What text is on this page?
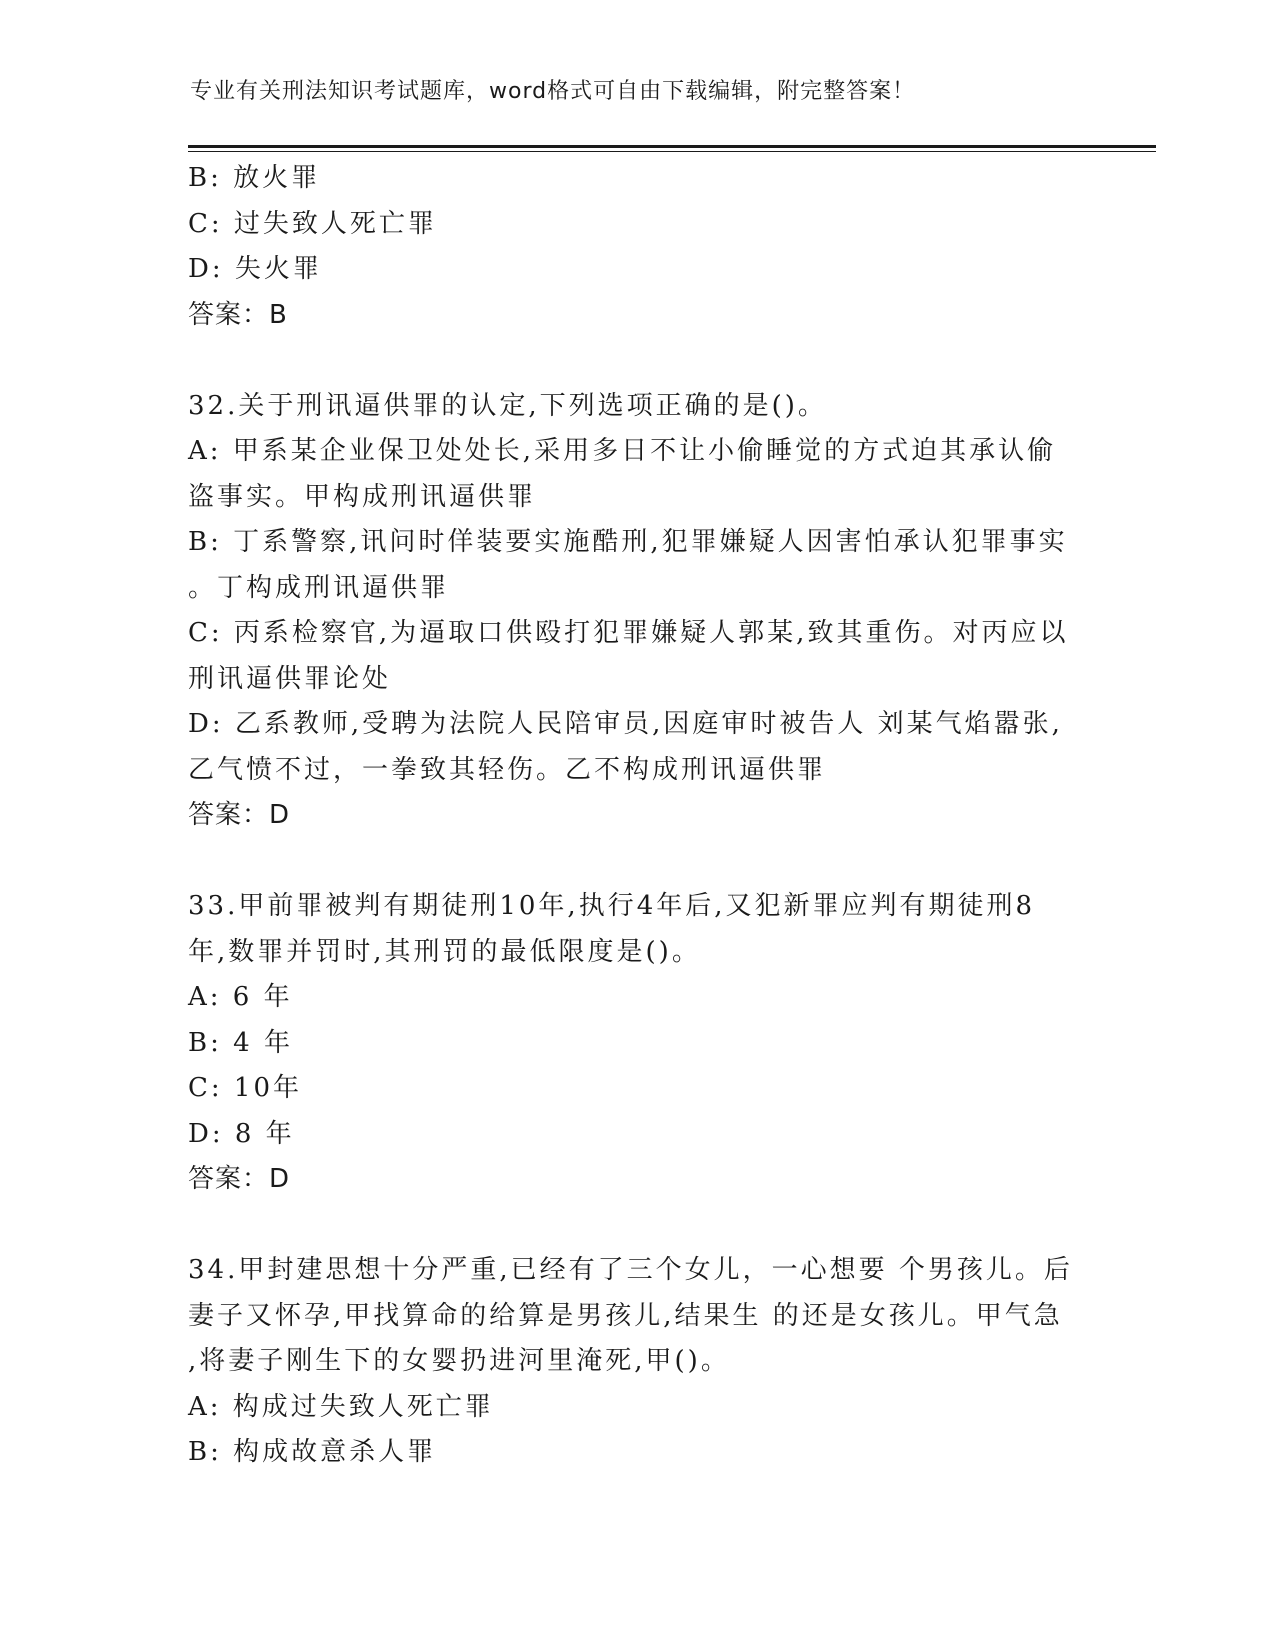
专业有关刑法知识考试题库，word格式可自由下载编辑，附完整答案！
B: 放火罪
C: 过失致人死亡罪
D: 失火罪
答案：B
32.关于刑讯逼供罪的认定,下列选项正确的是()。
A: 甲系某企业保卫处处长,采用多日不让小偷睡觉的方式迫其承认偷
盗事实。甲构成刑讯逼供罪
B: 丁系警察,讯问时佯装要实施酷刑,犯罪嫌疑人因害怕承认犯罪事实
。丁构成刑讯逼供罪
C: 丙系检察官,为逼取口供殴打犯罪嫌疑人郭某,致其重伤。对丙应以
刑讯逼供罪论处
D: 乙系教师,受聘为法院人民陪审员,因庭审时被告人 刘某气焰嚣张,
乙气愤不过，一拳致其轻伤。乙不构成刑讯逼供罪
答案：D
33.甲前罪被判有期徒刑10年,执行4年后,又犯新罪应判有期徒刑8
年,数罪并罚时,其刑罚的最低限度是()。
A: 6 年
B: 4 年
C: 10年
D: 8 年
答案：D
34.甲封建思想十分严重,已经有了三个女儿，一心想要 个男孩儿。后
妻子又怀孕,甲找算命的给算是男孩儿,结果生 的还是女孩儿。甲气急
,将妻子刚生下的女婴扔进河里淹死,甲()。
A: 构成过失致人死亡罪
B: 构成故意杀人罪
